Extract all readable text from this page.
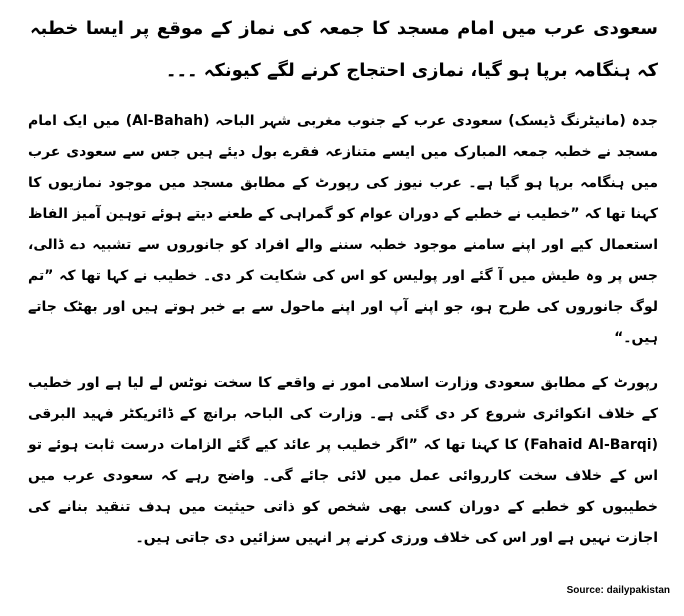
سعودی عرب میں امام مسجد کا جمعہ کی نماز کے موقع پر ایسا خطبہ کہ ہنگامہ برپا ہو گیا، نمازی احتجاج کرنے لگے کیونکہ ۔۔۔
جدہ (مانیٹرنگ ڈیسک) سعودی عرب کے جنوب مغربی شہر الباحہ (Al-Bahah) میں ایک امام مسجد نے خطبہ جمعہ المبارک میں ایسے متنازعہ فقرے بول دیئے ہیں جس سے سعودی عرب میں ہنگامہ برپا ہو گیا ہے۔ عرب نیوز کی رپورٹ کے مطابق مسجد میں موجود نمازیوں کا کہنا تھا کہ ”خطیب نے خطبے کے دوران عوام کو گمراہی کے طعنے دیتے ہوئے توہین آمیز الفاظ استعمال کیے اور اپنے سامنے موجود خطبہ سننے والے افراد کو جانوروں سے تشبیہ دے ڈالی، جس پر وہ طیش میں آ گئے اور پولیس کو اس کی شکایت کر دی۔ خطیب نے کہا تھا کہ ”تم لوگ جانوروں کی طرح ہو، جو اپنے آپ اور اپنے ماحول سے بے خبر ہوتے ہیں اور بھٹک جاتے ہیں۔“
رپورٹ کے مطابق سعودی وزارت اسلامی امور نے واقعے کا سخت نوٹس لے لیا ہے اور خطیب کے خلاف انکوائری شروع کر دی گئی ہے۔ وزارت کی الباحہ برانچ کے ڈائریکٹر فہید البرقی (Fahaid Al-Barqi) کا کہنا تھا کہ ”اگر خطیب پر عائد کیے گئے الزامات درست ثابت ہوئے تو اس کے خلاف سخت کارروائی عمل میں لائی جائے گی۔ واضح رہے کہ سعودی عرب میں خطیبوں کو خطبے کے دوران کسی بھی شخص کو ذاتی حیثیت میں ہدف تنقید بنانے کی اجازت نہیں ہے اور اس کی خلاف ورزی کرنے پر انہیں سزائیں دی جاتی ہیں۔
Source: dailypakistan
